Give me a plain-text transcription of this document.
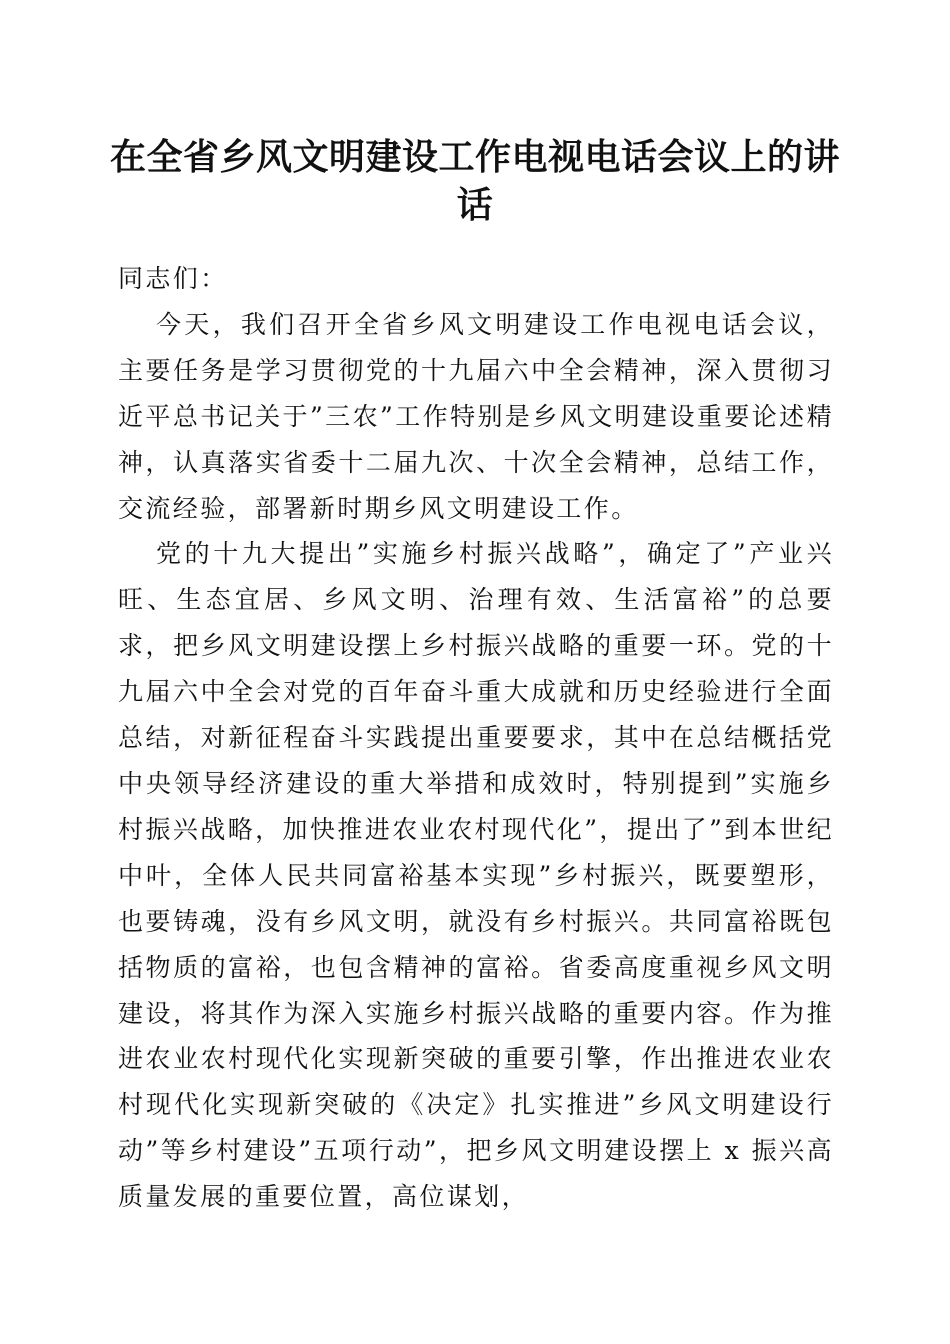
在全省乡风文明建设工作电视电话会议上的讲话

同志们：

今天，我们召开全省乡风文明建设工作电视电话会议，主要任务是学习贯彻党的十九届六中全会精神，深入贯彻习近平总书记关于”三农”工作特别是乡风文明建设重要论述精神，认真落实省委十二届九次、十次全会精神，总结工作，交流经验，部署新时期乡风文明建设工作。

党的十九大提出”实施乡村振兴战略”，确定了”产业兴旺、生态宜居、乡风文明、治理有效、生活富裕”的总要求，把乡风文明建设摆上乡村振兴战略的重要一环。党的十九届六中全会对党的百年奋斗重大成就和历史经验进行全面总结，对新征程奋斗实践提出重要要求，其中在总结概括党中央领导经济建设的重大举措和成效时，特别提到”实施乡村振兴战略，加快推进农业农村现代化”，提出了”到本世纪中叶，全体人民共同富裕基本实现”乡村振兴，既要塑形，也要铸魂，没有乡风文明，就没有乡村振兴。共同富裕既包括物质的富裕，也包含精神的富裕。省委高度重视乡风文明建设，将其作为深入实施乡村振兴战略的重要内容。作为推进农业农村现代化实现新突破的重要引擎，作出推进农业农村现代化实现新突破的《决定》扎实推进”乡风文明建设行动”等乡村建设”五项行动”，把乡风文明建设摆上 x 振兴高质量发展的重要位置，高位谋划，
